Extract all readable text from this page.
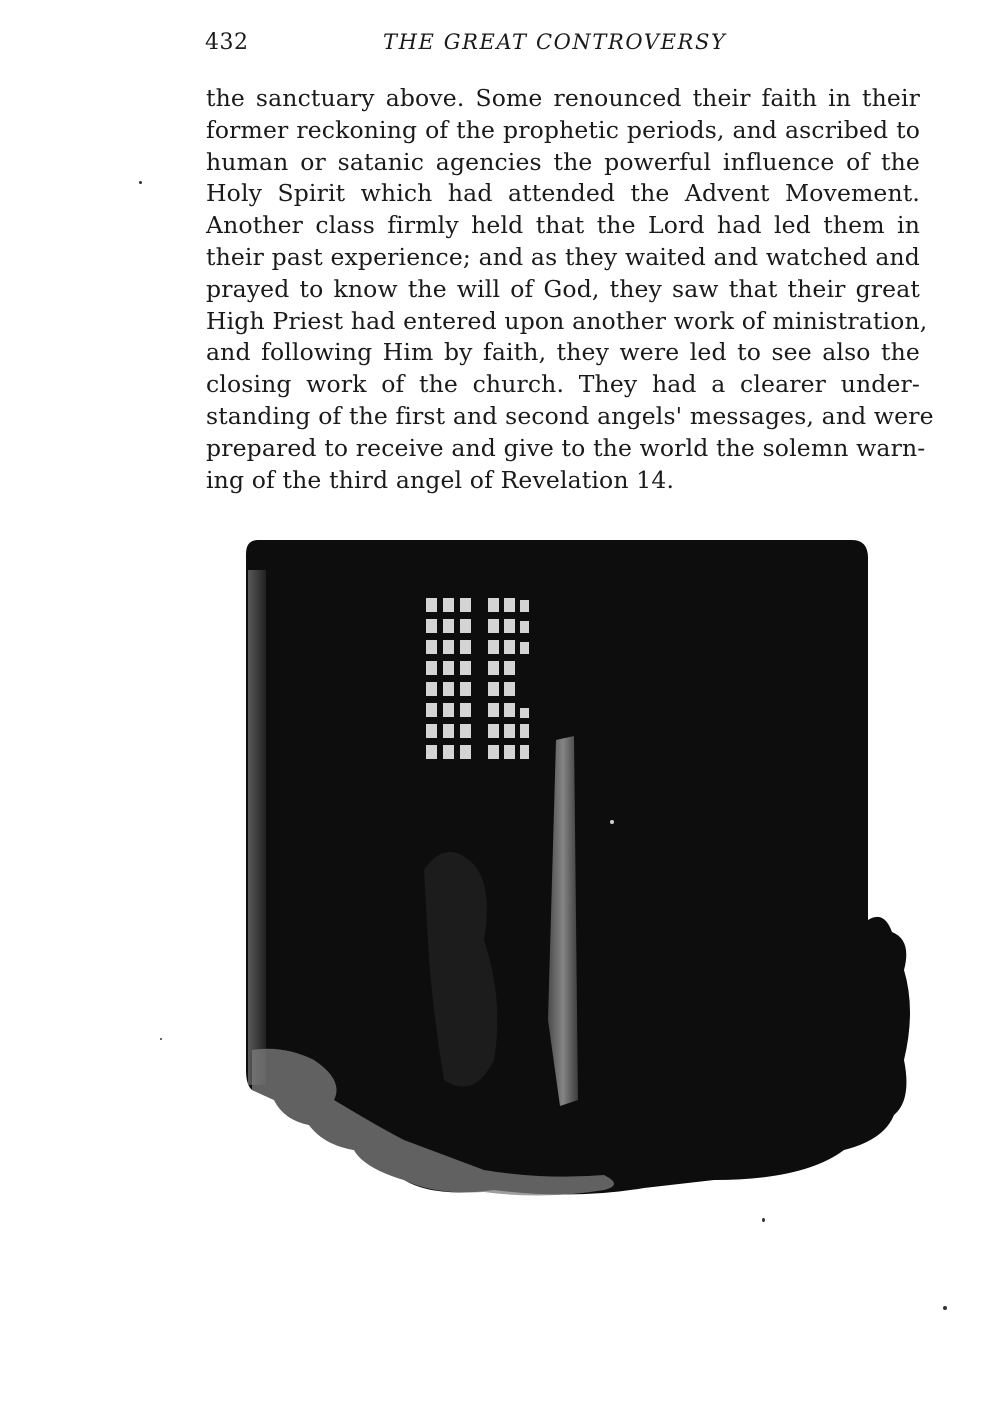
432	THE GREAT CONTROVERSY
the sanctuary above. Some renounced their faith in their
former reckoning of the prophetic periods, and ascribed to
human or satanic agencies the powerful influence of the
Holy Spirit which had attended the Advent Movement.
Another class firmly held that the Lord had led them in
their past experience; and as they waited and watched and
prayed to know the will of God, they saw that their great
High Priest had entered upon another work of ministration,
and following Him by faith, they were led to see also the
closing work of the church. They had a clearer under-
standing of the first and second angels' messages, and were
prepared to receive and give to the world the solemn warn-
ing of the third angel of Revelation 14.
